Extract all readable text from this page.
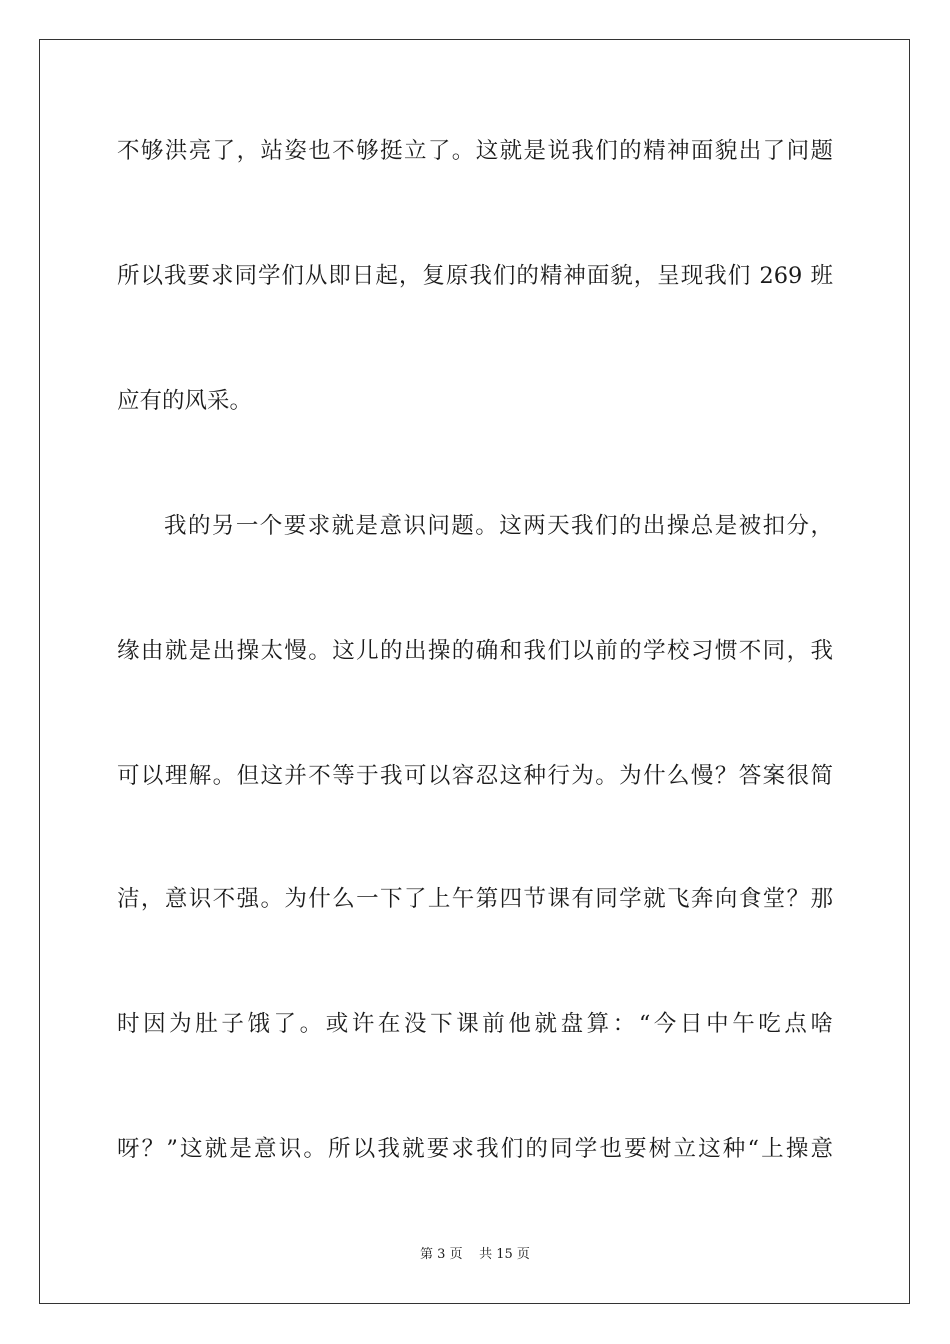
不够洪亮了，站姿也不够挺立了。这就是说我们的精神面貌出了问题
所以我要求同学们从即日起，复原我们的精神面貌，呈现我们 269 班
应有的风采。
我的另一个要求就是意识问题。这两天我们的出操总是被扣分，
缘由就是出操太慢。这儿的出操的确和我们以前的学校习惯不同，我
可以理解。但这并不等于我可以容忍这种行为。为什么慢？答案很简
洁，意识不强。为什么一下了上午第四节课有同学就飞奔向食堂？那
时因为肚子饿了。或许在没下课前他就盘算：“今日中午吃点啥
呀？”这就是意识。所以我就要求我们的同学也要树立这种“上操意
第 3 页 共 15 页
